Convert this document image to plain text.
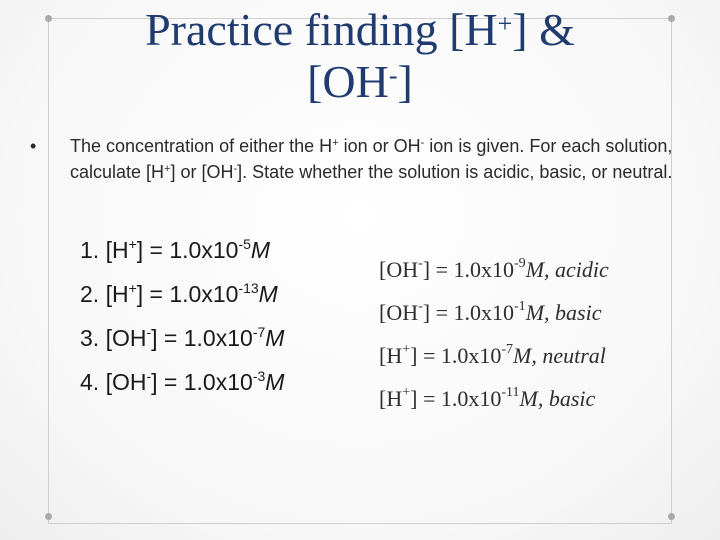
Practice finding [H+] &
[OH-]
•	The concentration of either the H+ ion or OH- ion is given. For each solution, calculate [H+] or [OH-]. State whether the solution is acidic, basic, or neutral.
1. $[H^+] = 1.0x10^{-5}M$
2. $[H^+] = 1.0x10^{-13}M$
3. $[OH^-] = 1.0x10^{-7}M$
4. $[OH^-] = 1.0x10^{-3}M$
$[OH^-] = 1.0x10^{-9}M$, acidic
$[OH^-] = 1.0x10^{-1}M$, basic
$[H^+] = 1.0x10^{-7}M$, neutral
$[H^+] = 1.0x10^{-11}M$, basic
